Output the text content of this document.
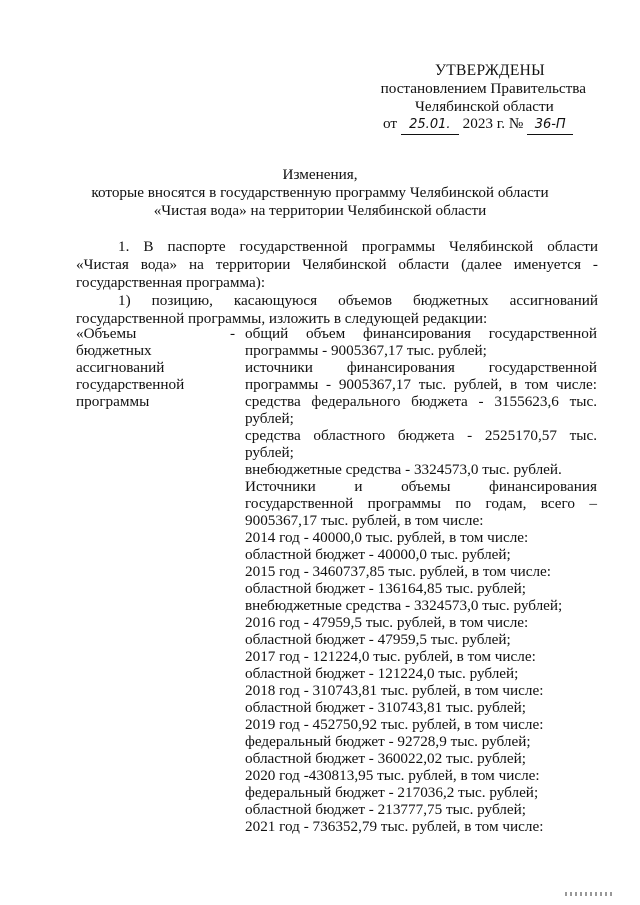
УТВЕРЖДЕНЫ
постановлением Правительства
Челябинской области
от 25.01. 2023 г. № 36-П
Изменения,
которые вносятся в государственную программу Челябинской области
«Чистая вода» на территории Челябинской области
1. В паспорте государственной программы Челябинской области
«Чистая вода» на территории Челябинской области (далее именуется -
государственная программа):
1) позицию, касающуюся объемов бюджетных ассигнований
государственной программы, изложить в следующей редакции:
«Объемы
бюджетных
ассигнований
государственной
программы
- общий объем финансирования государственной
программы - 9005367,17 тыс. рублей;
источники финансирования государственной
программы - 9005367,17 тыс. рублей, в том числе:
средства федерального бюджета - 3155623,6 тыс.
рублей;
средства областного бюджета - 2525170,57 тыс.
рублей;
внебюджетные средства - 3324573,0 тыс. рублей.
Источники и объемы финансирования
государственной программы по годам, всего –
9005367,17 тыс. рублей, в том числе:
2014 год - 40000,0 тыс. рублей, в том числе:
областной бюджет - 40000,0 тыс. рублей;
2015 год - 3460737,85 тыс. рублей, в том числе:
областной бюджет - 136164,85 тыс. рублей;
внебюджетные средства - 3324573,0 тыс. рублей;
2016 год - 47959,5 тыс. рублей, в том числе:
областной бюджет - 47959,5 тыс. рублей;
2017 год - 121224,0 тыс. рублей, в том числе:
областной бюджет - 121224,0 тыс. рублей;
2018 год - 310743,81 тыс. рублей, в том числе:
областной бюджет - 310743,81 тыс. рублей;
2019 год - 452750,92 тыс. рублей, в том числе:
федеральный бюджет - 92728,9 тыс. рублей;
областной бюджет - 360022,02 тыс. рублей;
2020 год -430813,95 тыс. рублей, в том числе:
федеральный бюджет - 217036,2 тыс. рублей;
областной бюджет - 213777,75 тыс. рублей;
2021 год - 736352,79 тыс. рублей, в том числе:
